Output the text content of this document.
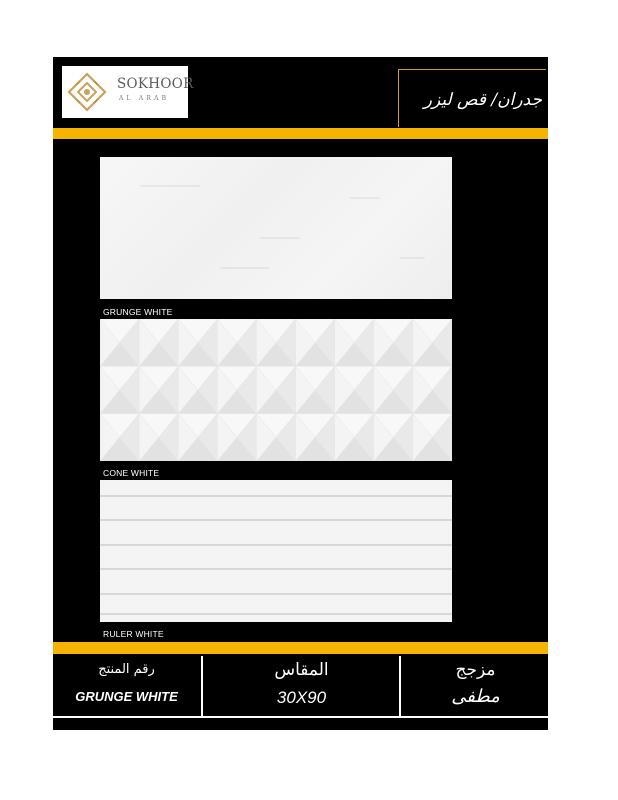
SOKHOOR
AL ARAB	جدران/ قص ليزر
GRUNGE WHITE
CONE WHITE
RULER WHITE
رقم المنتج
GRUNGE WHITE
المقاس
30X90
مزجج
مطفى
